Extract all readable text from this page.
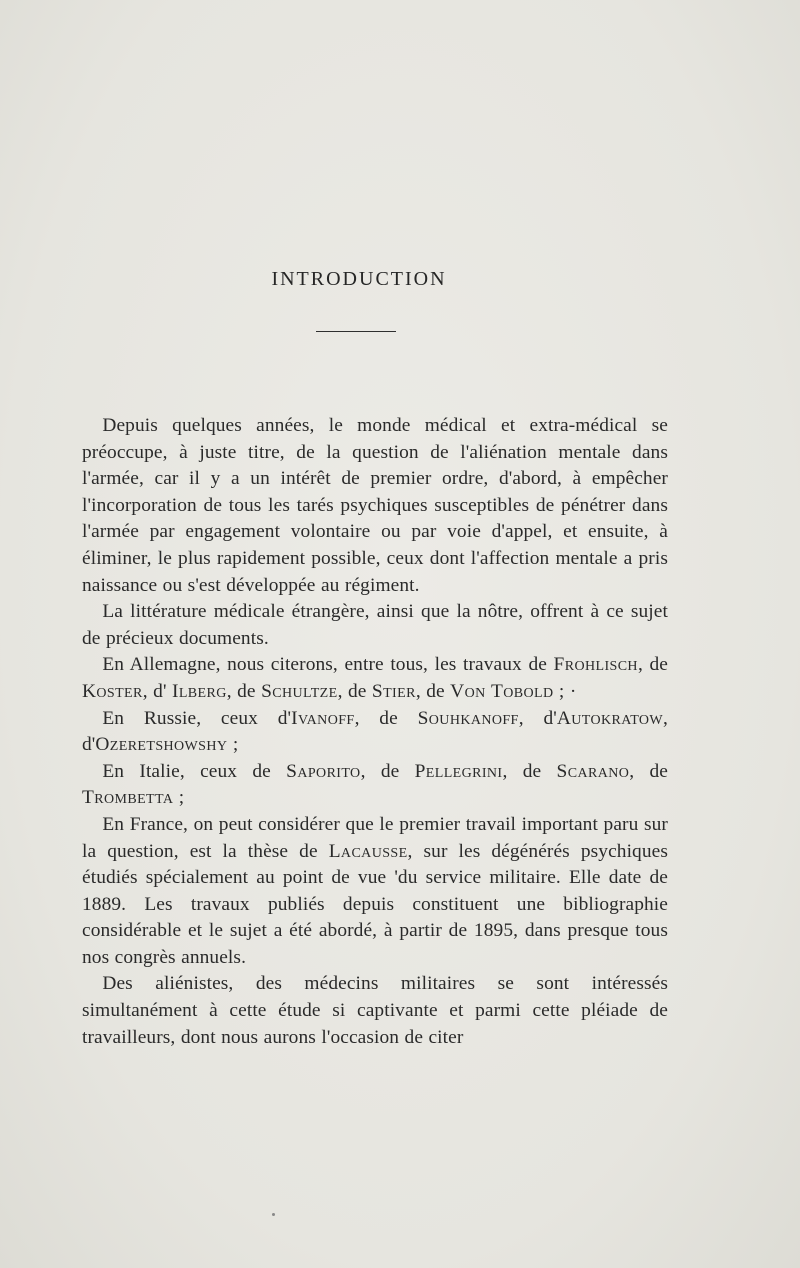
INTRODUCTION

Depuis quelques années, le monde médical et extra-médical se préoccupe, à juste titre, de la question de l'aliénation mentale dans l'armée, car il y a un intérêt de premier ordre, d'abord, à empêcher l'incorporation de tous les tarés psychiques susceptibles de pénétrer dans l'armée par engagement volontaire ou par voie d'appel, et ensuite, à éliminer, le plus rapidement possible, ceux dont l'affection mentale a pris naissance ou s'est développée au régiment.

La littérature médicale étrangère, ainsi que la nôtre, offrent à ce sujet de précieux documents.

En Allemagne, nous citerons, entre tous, les travaux de Frohlisch, de Koster, d' Ilberg, de Schultze, de Stier, de Von Tobold ; ·

En Russie, ceux d'Ivanoff, de Souhkanoff, d'Autokratow, d'Ozeretshowshy ;

En Italie, ceux de Saporito, de Pellegrini, de Scarano, de Trombetta ;

En France, on peut considérer que le premier travail important paru sur la question, est la thèse de Lacausse, sur les dégénérés psychiques étudiés spécialement au point de vue 'du service militaire. Elle date de 1889. Les travaux publiés depuis constituent une bibliographie considérable et le sujet a été abordé, à partir de 1895, dans presque tous nos congrès annuels.

Des aliénistes, des médecins militaires se sont intéressés simultanément à cette étude si captivante et parmi cette pléiade de travailleurs, dont nous aurons l'occasion de citer
